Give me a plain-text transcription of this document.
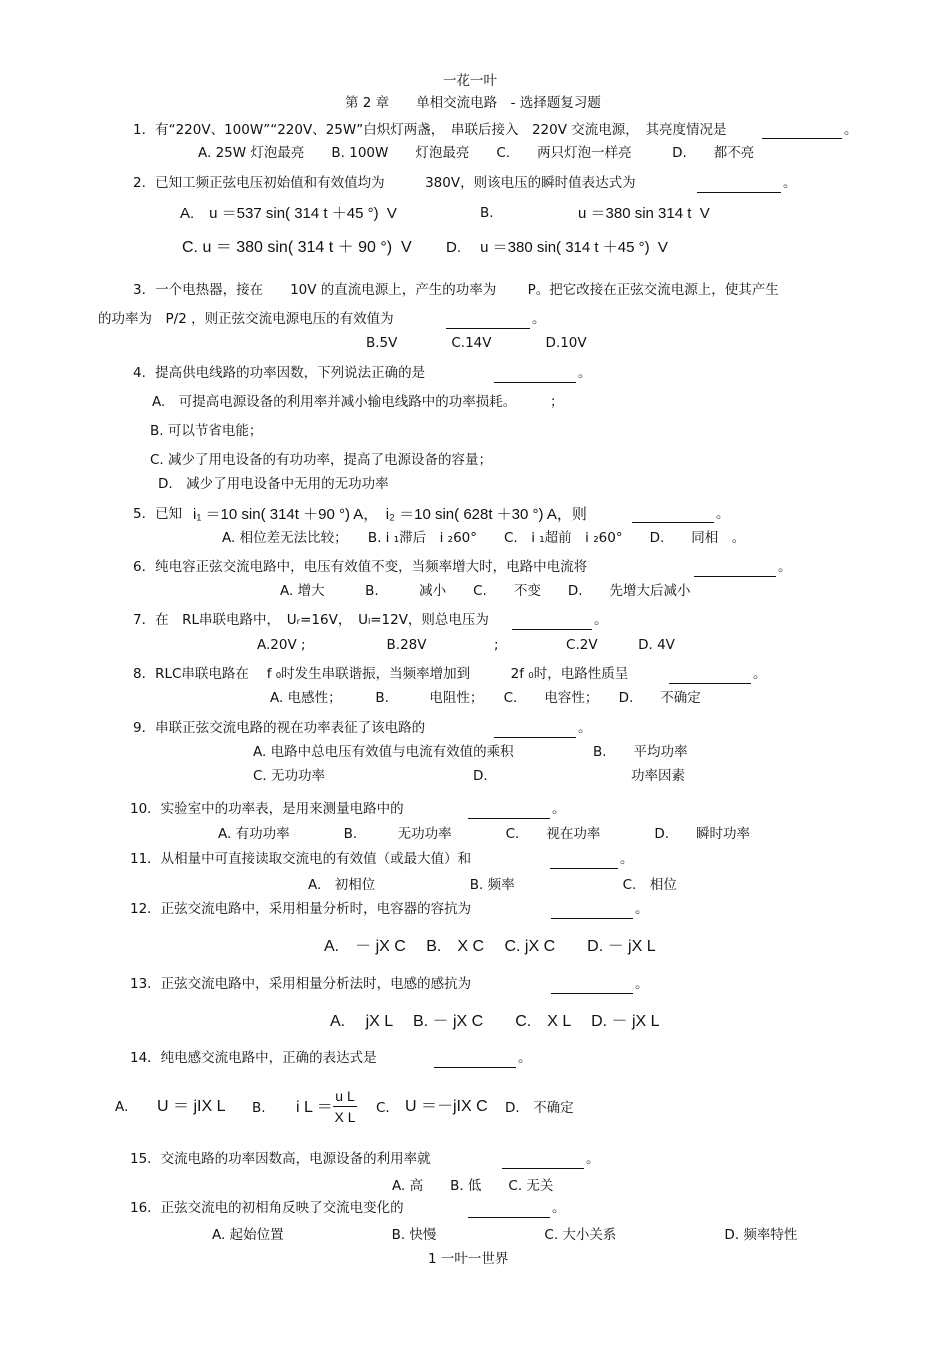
一花一叶
第 2 章　　单相交流电路　- 选择题复习题
1．有“220V、100W”“220V、25W”白炽灯两盏，　串联后接入　220V 交流电源，　其亮度情况是	。
A. 25W 灯泡最亮　　B. 100W　　灯泡最亮　　C.　　两只灯泡一样亮　　　D.　　都不亮
2．已知工频正弦电压初始值和有效值均为　　　380V，则该电压的瞬时值表达式为	。
A.　u ＝537 sin( 314 t ＋45 °)  V	B.	u ＝380 sin 314 t  V
C. u ＝ 380 sin( 314 t ＋ 90 °)  V D.　 u ＝380 sin( 314 t ＋45 °)  V
3．一个电热器，接在　　10V 的直流电源上，产生的功率为　　 P。把它改接在正弦交流电源上，使其产生
的功率为　P/2 ，则正弦交流电源电压的有效值为	。
B.5V　　　　C.14V　　　　D.10V
4．提高供电线路的功率因数，下列说法正确的是	。
A.　可提高电源设备的利用率并减小输电线路中的功率损耗。　　　；
B. 可以节省电能；
C. 减少了用电设备的有功功率，提高了电源设备的容量；
D.　减少了用电设备中无用的无功功率
5．已知 i₁ ＝10 sin( 314t ＋90 °) A，　i₂ ＝10 sin( 628t ＋30 °) A，则	。
A. 相位差无法比较；　　B. i ₁滞后　i ₂60°　　C.　i ₁超前　i ₂60°　　D.　　同相　。
6．纯电容正弦交流电路中，电压有效值不变，当频率增大时，电路中电流将	。
A. 增大　　　B.　　　减小　　C.　　不变　　D.　　先增大后减小
7．在　RL串联电路中，　Uᵣ=16V，　Uₗ=12V，则总电压为	。
A.20V ;　　　　　　B.28V　　　　　;　　　　　C.2V　　　D. 4V
8．RLC串联电路在　 f ₀时发生串联谐振，当频率增加到　　　2f ₀时，电路性质呈	。
A. 电感性；　　　B.　　　电阻性；　　C.　　电容性；　　D.　　不确定
9．串联正弦交流电路的视在功率表征了该电路的	。
A. 电路中总电压有效值与电流有效值的乘积	B.　　平均功率
C. 无功功率	D.	功率因素
10．实验室中的功率表，是用来测量电路中的	。
A. 有功功率　　　　B.　　　无功功率　　　　C.　　视在功率　　　　D.　　瞬时功率
11．从相量中可直接读取交流电的有效值（或最大值）和	。
A.　初相位　　　　　　　B. 频率　　　　　　　　C.　相位
12．正弦交流电路中，采用相量分析时，电容器的容抗为	。
A.　－ jX C　 B.　X C　 C. jX C　　D. － jX L
13．正弦交流电路中，采用相量分析法时，电感的感抗为	。
A.　 jX L　 B. － jX C　　C.　X L　 D. － jX L
14．纯电感交流电路中，正确的表达式是	。
A. U ＝ jIX L B. i L ＝
u L
X L
C. U ＝－jIX C D.　不确定
15．交流电路的功率因数高，电源设备的利用率就	。
A. 高　　B. 低　　C. 无关
16．正弦交流电的初相角反映了交流电变化的	。
A. 起始位置　　　　　　　　B. 快慢　　　　　　　　C. 大小关系　　　　　　　　D. 频率特性
1 一叶一世界
